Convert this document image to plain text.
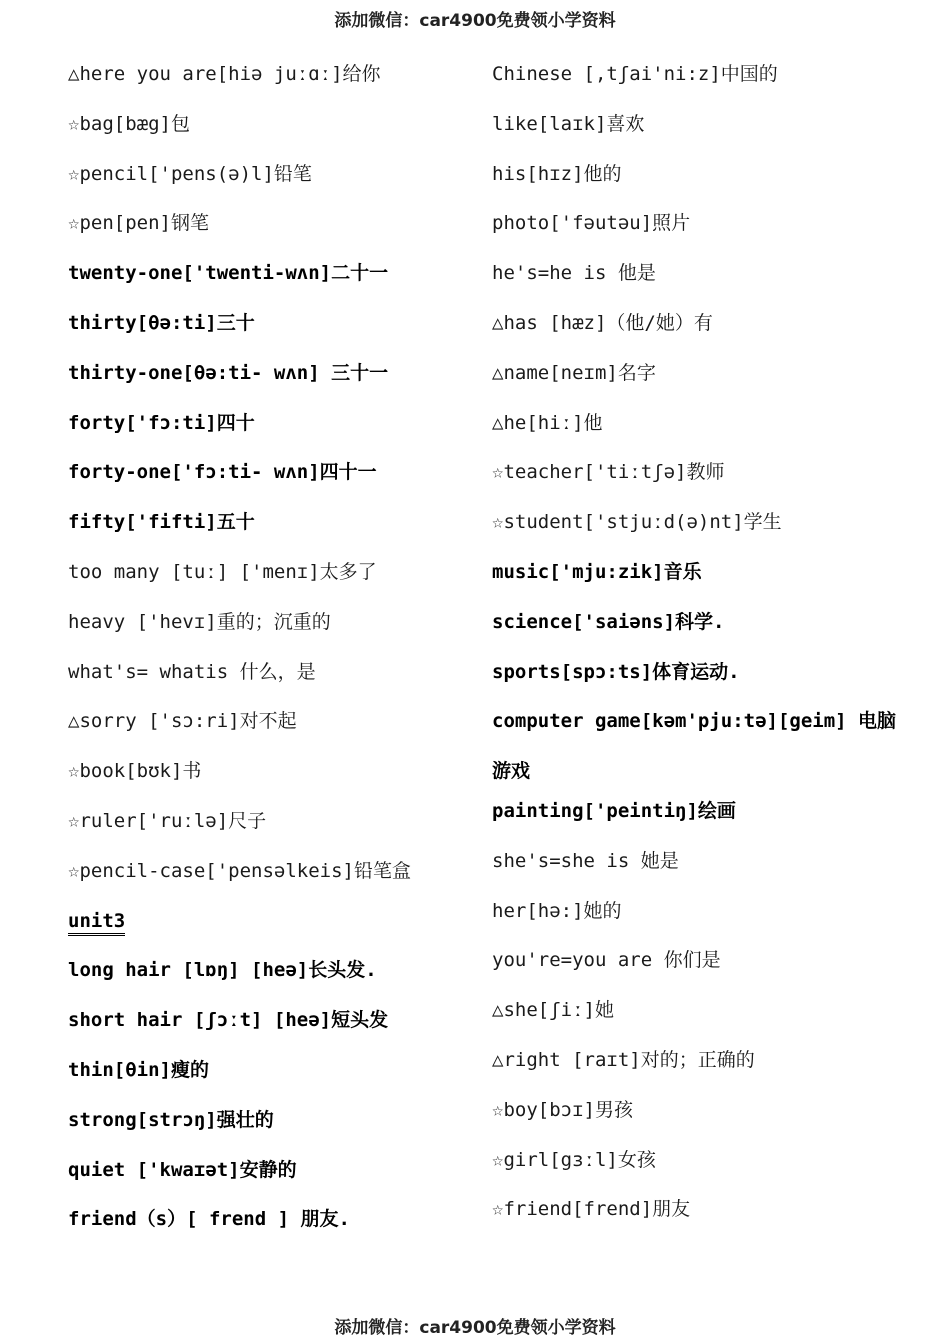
添加微信：car4900免费领小学资料
△here you are[hiə juːɑː]给你
☆bag[bæg]包
☆pencil['pens(ə)l]铅笔
☆pen[pen]钢笔
twenty-one['twenti-wʌn]二十一
thirty[θə:ti]三十
thirty-one[θə:ti- wʌn] 三十一
forty['fɔ:ti]四十
forty-one['fɔ:ti- wʌn]四十一
fifty['fifti]五十
too many [tuː] ['menɪ]太多了
heavy ['hevɪ]重的；沉重的
what's= whatis 什么，是
△sorry ['sɔ:ri]对不起
☆book[bʊk]书
☆ruler['ruːlə]尺子
☆pencil-case['pensəlkeis]铅笔盒
unit3
long hair [lɒŋ] [heə]长头发.
short hair [ʃɔːt] [heə]短头发
thin[θin]瘦的
strong[strɔŋ]强壮的
quiet ['kwaɪət]安静的
friend（s）[ frend ] 朋友.
Chinese [,tʃai'ni:z]中国的
like[laɪk]喜欢
his[hɪz]他的
photo['fəutəu]照片
he's=he is 他是
△has [hæz]（他/她）有
△name[neɪm]名字
△he[hiː]他
☆teacher['tiːtʃə]教师
☆student['stjuːd(ə)nt]学生
music['mju:zik]音乐
science['saiəns]科学.
sports[spɔ:ts]体育运动.
computer game[kəm'pju:tə][geim] 电脑游戏
painting['peintiŋ]绘画
she's=she is 她是
her[hə:]她的
you're=you are 你们是
△she[ʃiː]她
△right [raɪt]对的；正确的
☆boy[bɔɪ]男孩
☆girl[gɜːl]女孩
☆friend[frend]朋友
添加微信：car4900免费领小学资料
